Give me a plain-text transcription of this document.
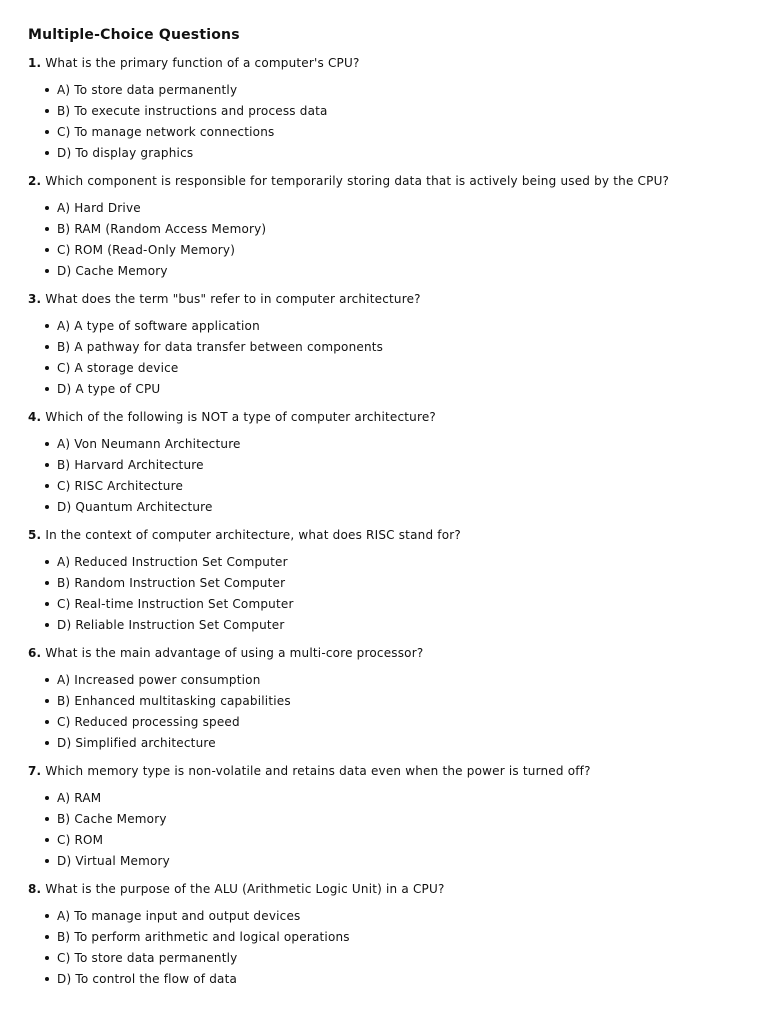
Multiple-Choice Questions

1. What is the primary function of a computer's CPU?

A) To store data permanently
B) To execute instructions and process data
C) To manage network connections
D) To display graphics

2. Which component is responsible for temporarily storing data that is actively being used by the CPU?

A) Hard Drive
B) RAM (Random Access Memory)
C) ROM (Read-Only Memory)
D) Cache Memory

3. What does the term "bus" refer to in computer architecture?

A) A type of software application
B) A pathway for data transfer between components
C) A storage device
D) A type of CPU

4. Which of the following is NOT a type of computer architecture?

A) Von Neumann Architecture
B) Harvard Architecture
C) RISC Architecture
D) Quantum Architecture

5. In the context of computer architecture, what does RISC stand for?

A) Reduced Instruction Set Computer
B) Random Instruction Set Computer
C) Real-time Instruction Set Computer
D) Reliable Instruction Set Computer

6. What is the main advantage of using a multi-core processor?

A) Increased power consumption
B) Enhanced multitasking capabilities
C) Reduced processing speed
D) Simplified architecture

7. Which memory type is non-volatile and retains data even when the power is turned off?

A) RAM
B) Cache Memory
C) ROM
D) Virtual Memory

8. What is the purpose of the ALU (Arithmetic Logic Unit) in a CPU?

A) To manage input and output devices
B) To perform arithmetic and logical operations
C) To store data permanently
D) To control the flow of data
